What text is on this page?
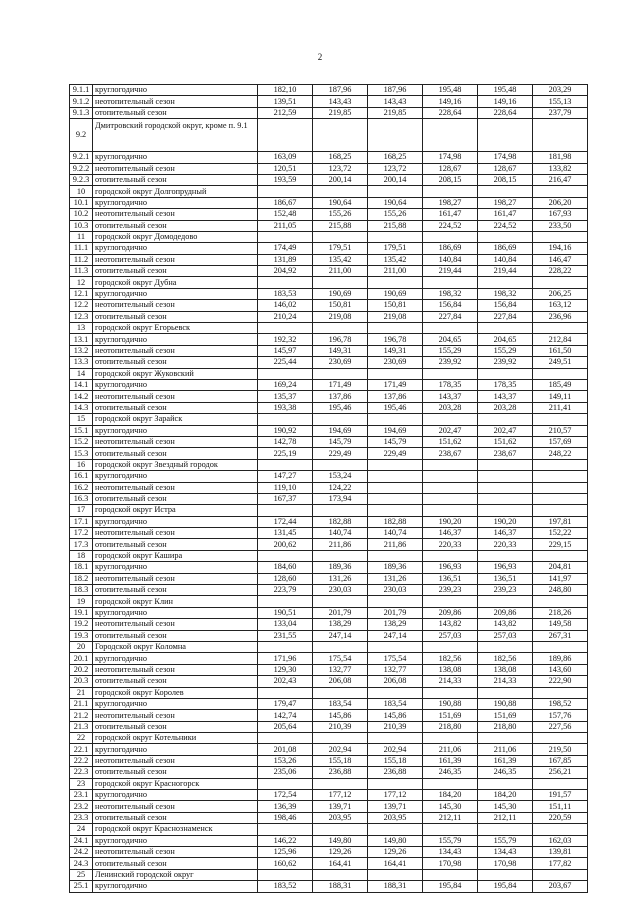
2
9.1.1	круглогодично	182,10	187,96	187,96	195,48	195,48	203,29
9.1.2	неотопительный сезон	139,51	143,43	143,43	149,16	149,16	155,13
9.1.3	отопительный сезон	212,59	219,85	219,85	228,64	228,64	237,79
9.2	Дмитровский городской округ, кроме п. 9.1						
9.2.1	круглогодично	163,09	168,25	168,25	174,98	174,98	181,98
9.2.2	неотопительный сезон	120,51	123,72	123,72	128,67	128,67	133,82
9.2.3	отопительный сезон	193,59	200,14	200,14	208,15	208,15	216,47
10	городской округ Долгопрудный						
10.1	круглогодично	186,67	190,64	190,64	198,27	198,27	206,20
10.2	неотопительный сезон	152,48	155,26	155,26	161,47	161,47	167,93
10.3	отопительный сезон	211,05	215,88	215,88	224,52	224,52	233,50
11	городской округ Домодедово						
11.1	круглогодично	174,49	179,51	179,51	186,69	186,69	194,16
11.2	неотопительный сезон	131,89	135,42	135,42	140,84	140,84	146,47
11.3	отопительный сезон	204,92	211,00	211,00	219,44	219,44	228,22
12	городской округ Дубна						
12.1	круглогодично	183,53	190,69	190,69	198,32	198,32	206,25
12.2	неотопительный сезон	146,02	150,81	150,81	156,84	156,84	163,12
12.3	отопительный сезон	210,24	219,08	219,08	227,84	227,84	236,96
13	городской округ Егорьевск						
13.1	круглогодично	192,32	196,78	196,78	204,65	204,65	212,84
13.2	неотопительный сезон	145,97	149,31	149,31	155,29	155,29	161,50
13.3	отопительный сезон	225,44	230,69	230,69	239,92	239,92	249,51
14	городской округ Жуковский						
14.1	круглогодично	169,24	171,49	171,49	178,35	178,35	185,49
14.2	неотопительный сезон	135,37	137,86	137,86	143,37	143,37	149,11
14.3	отопительный сезон	193,38	195,46	195,46	203,28	203,28	211,41
15	городской округ Зарайск						
15.1	круглогодично	190,92	194,69	194,69	202,47	202,47	210,57
15.2	неотопительный сезон	142,78	145,79	145,79	151,62	151,62	157,69
15.3	отопительный сезон	225,19	229,49	229,49	238,67	238,67	248,22
16	городской округ Звездный городок						
16.1	круглогодично	147,27	153,24				
16.2	неотопительный сезон	119,10	124,22				
16.3	отопительный сезон	167,37	173,94				
17	городской округ Истра						
17.1	круглогодично	172,44	182,88	182,88	190,20	190,20	197,81
17.2	неотопительный сезон	131,45	140,74	140,74	146,37	146,37	152,22
17.3	отопительный сезон	200,62	211,86	211,86	220,33	220,33	229,15
18	городской округ Кашира						
18.1	круглогодично	184,60	189,36	189,36	196,93	196,93	204,81
18.2	неотопительный сезон	128,60	131,26	131,26	136,51	136,51	141,97
18.3	отопительный сезон	223,79	230,03	230,03	239,23	239,23	248,80
19	городской округ Клин						
19.1	круглогодично	190,51	201,79	201,79	209,86	209,86	218,26
19.2	неотопительный сезон	133,04	138,29	138,29	143,82	143,82	149,58
19.3	отопительный сезон	231,55	247,14	247,14	257,03	257,03	267,31
20	Городской округ Коломна						
20.1	круглогодично	171,96	175,54	175,54	182,56	182,56	189,86
20.2	неотопительный сезон	129,30	132,77	132,77	138,08	138,08	143,60
20.3	отопительный сезон	202,43	206,08	206,08	214,33	214,33	222,90
21	городской округ Королев						
21.1	круглогодично	179,47	183,54	183,54	190,88	190,88	198,52
21.2	неотопительный сезон	142,74	145,86	145,86	151,69	151,69	157,76
21.3	отопительный сезон	205,64	210,39	210,39	218,80	218,80	227,56
22	городской округ Котельники						
22.1	круглогодично	201,08	202,94	202,94	211,06	211,06	219,50
22.2	неотопительный сезон	153,26	155,18	155,18	161,39	161,39	167,85
22.3	отопительный сезон	235,06	236,88	236,88	246,35	246,35	256,21
23	городской округ Красногорск						
23.1	круглогодично	172,54	177,12	177,12	184,20	184,20	191,57
23.2	неотопительный сезон	136,39	139,71	139,71	145,30	145,30	151,11
23.3	отопительный сезон	198,46	203,95	203,95	212,11	212,11	220,59
24	городской округ Краснознаменск						
24.1	круглогодично	146,22	149,80	149,80	155,79	155,79	162,03
24.2	неотопительный сезон	125,96	129,26	129,26	134,43	134,43	139,81
24.3	отопительный сезон	160,62	164,41	164,41	170,98	170,98	177,82
25	Ленинский городской округ						
25.1	круглогодично	183,52	188,31	188,31	195,84	195,84	203,67
